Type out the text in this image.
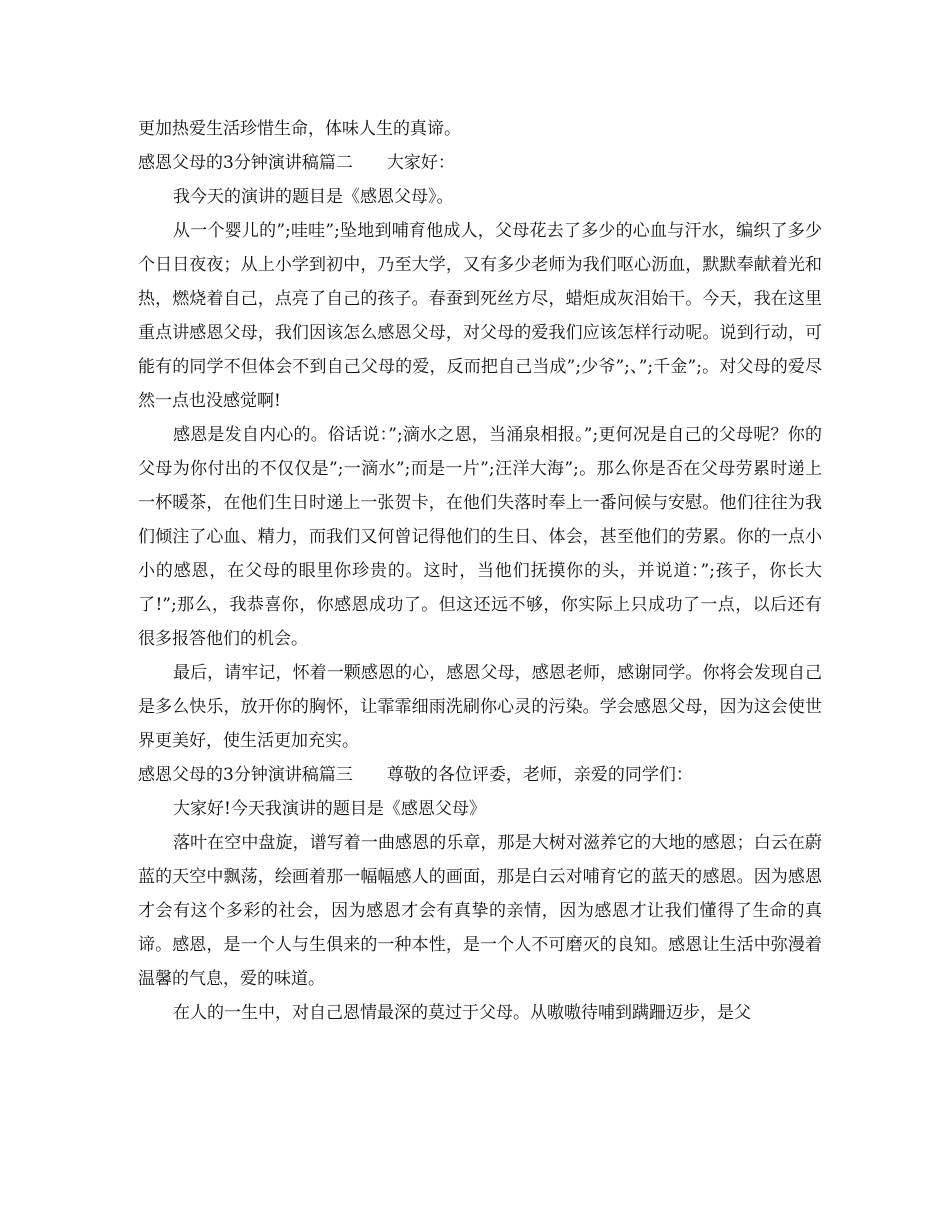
更加热爱生活珍惜生命，体味人生的真谛。

感恩父母的3分钟演讲稿篇二 大家好：

我今天的演讲的题目是《感恩父母》。

从一个婴儿的”;哇哇”;坠地到哺育他成人，父母花去了多少的心血与汗水，编织了多少个日日夜夜；从上小学到初中，乃至大学，又有多少老师为我们呕心沥血，默默奉献着光和热，燃烧着自己，点亮了自己的孩子。春蚕到死丝方尽，蜡炬成灰泪始干。今天，我在这里重点讲感恩父母，我们因该怎么感恩父母，对父母的爱我们应该怎样行动呢。说到行动，可能有的同学不但体会不到自己父母的爱，反而把自己当成”;少爷”;、”;千金”;。对父母的爱尽然一点也没感觉啊!

感恩是发自内心的。俗话说：”;滴水之恩，当涌泉相报。”;更何况是自己的父母呢？你的父母为你付出的不仅仅是”;一滴水”;而是一片”;汪洋大海”;。那么你是否在父母劳累时递上一杯暖茶，在他们生日时递上一张贺卡，在他们失落时奉上一番问候与安慰。他们往往为我们倾注了心血、精力，而我们又何曾记得他们的生日、体会，甚至他们的劳累。你的一点小小的感恩，在父母的眼里你珍贵的。这时，当他们抚摸你的头，并说道：”;孩子，你长大了!”;那么，我恭喜你，你感恩成功了。但这还远不够，你实际上只成功了一点，以后还有很多报答他们的机会。

最后，请牢记，怀着一颗感恩的心，感恩父母，感恩老师，感谢同学。你将会发现自己是多么快乐，放开你的胸怀，让霏霏细雨洗刷你心灵的污染。学会感恩父母，因为这会使世界更美好，使生活更加充实。

感恩父母的3分钟演讲稿篇三 尊敬的各位评委，老师，亲爱的同学们：

大家好!今天我演讲的题目是《感恩父母》

落叶在空中盘旋，谱写着一曲感恩的乐章，那是大树对滋养它的大地的感恩；白云在蔚蓝的天空中飘荡，绘画着那一幅幅感人的画面，那是白云对哺育它的蓝天的感恩。因为感恩才会有这个多彩的社会，因为感恩才会有真挚的亲情，因为感恩才让我们懂得了生命的真谛。感恩，是一个人与生俱来的一种本性，是一个人不可磨灭的良知。感恩让生活中弥漫着温馨的气息，爱的味道。

在人的一生中，对自己恩情最深的莫过于父母。从嗷嗷待哺到蹒跚迈步，是父
